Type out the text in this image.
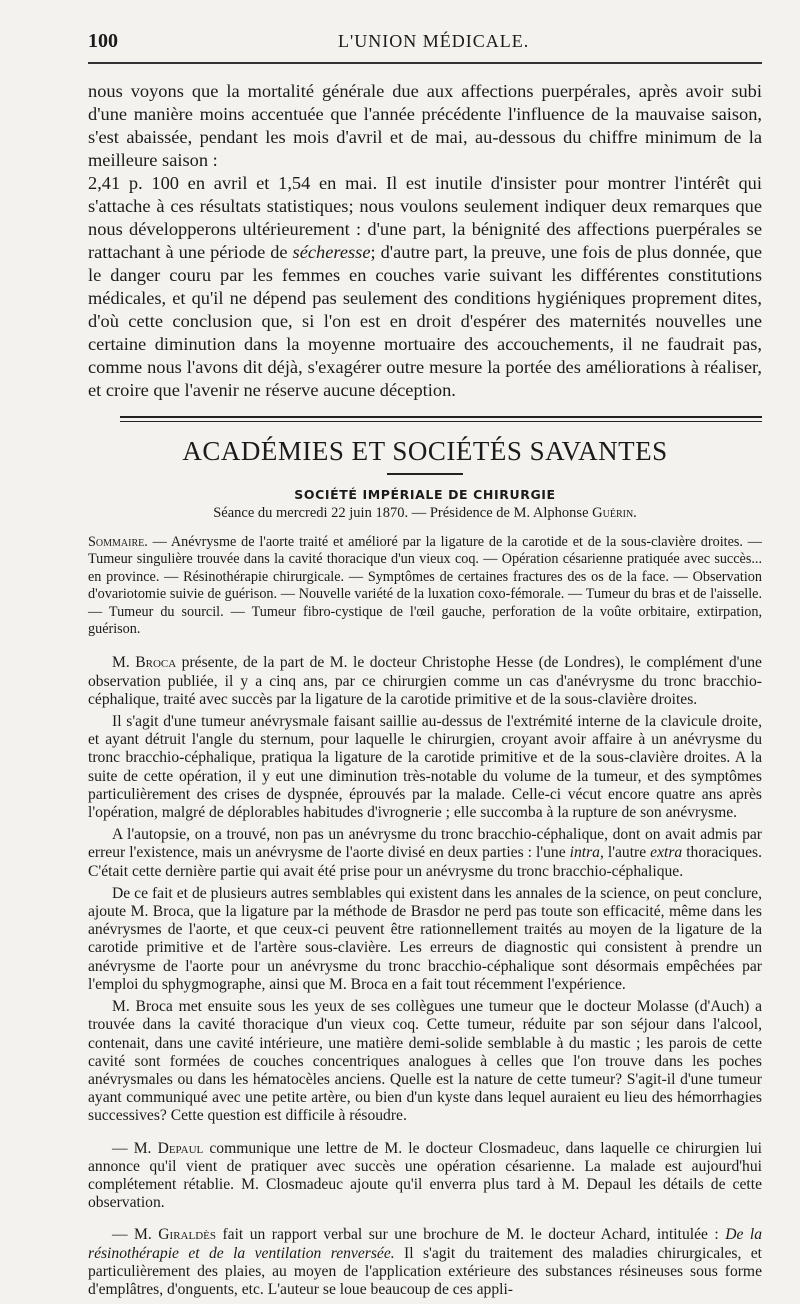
100	L'UNION MÉDICALE.

nous voyons que la mortalité générale due aux affections puerpérales, après avoir subi d'une manière moins accentuée que l'année précédente l'influence de la mauvaise saison, s'est abaissée, pendant les mois d'avril et de mai, au-dessous du chiffre minimum de la meilleure saison :

2,41 p. 100 en avril et 1,54 en mai. Il est inutile d'insister pour montrer l'intérêt qui s'attache à ces résultats statistiques; nous voulons seulement indiquer deux remarques que nous développerons ultérieurement : d'une part, la bénignité des affections puerpérales se rattachant à une période de sécheresse; d'autre part, la preuve, une fois de plus donnée, que le danger couru par les femmes en couches varie suivant les différentes constitutions médicales, et qu'il ne dépend pas seulement des conditions hygiéniques proprement dites, d'où cette conclusion que, si l'on est en droit d'espérer des maternités nouvelles une certaine diminution dans la moyenne mortuaire des accouchements, il ne faudrait pas, comme nous l'avons dit déjà, s'exagérer outre mesure la portée des améliorations à réaliser, et croire que l'avenir ne réserve aucune déception.

ACADÉMIES ET SOCIÉTÉS SAVANTES
SOCIÉTÉ IMPÉRIALE DE CHIRURGIE
Séance du mercredi 22 juin 1870. — Présidence de M. Alphonse Guérin.

Sommaire. — Anévrysme de l'aorte traité et amélioré par la ligature de la carotide et de la sous-clavière droites. — Tumeur singulière trouvée dans la cavité thoracique d'un vieux coq. — Opération césarienne pratiquée avec succès... en province. — Résinothérapie chirurgicale. — Symptômes de certaines fractures des os de la face. — Observation d'ovariotomie suivie de guérison. — Nouvelle variété de la luxation coxo-fémorale. — Tumeur du bras et de l'aisselle. — Tumeur du sourcil. — Tumeur fibro-cystique de l'œil gauche, perforation de la voûte orbitaire, extirpation, guérison.

M. Broca présente, de la part de M. le docteur Christophe Hesse (de Londres), le complément d'une observation publiée, il y a cinq ans, par ce chirurgien comme un cas d'anévrysme du tronc bracchio-céphalique, traité avec succès par la ligature de la carotide primitive et de la sous-clavière droites.

Il s'agit d'une tumeur anévrysmale faisant saillie au-dessus de l'extrémité interne de la clavicule droite, et ayant détruit l'angle du sternum, pour laquelle le chirurgien, croyant avoir affaire à un anévrysme du tronc bracchio-céphalique, pratiqua la ligature de la carotide primitive et de la sous-clavière droites. A la suite de cette opération, il y eut une diminution très-notable du volume de la tumeur, et des symptômes particulièrement des crises de dyspnée, éprouvés par la malade. Celle-ci vécut encore quatre ans après l'opération, malgré de déplorables habitudes d'ivrognerie ; elle succomba à la rupture de son anévrysme.

A l'autopsie, on a trouvé, non pas un anévrysme du tronc bracchio-céphalique, dont on avait admis par erreur l'existence, mais un anévrysme de l'aorte divisé en deux parties : l'une intra, l'autre extra thoraciques. C'était cette dernière partie qui avait été prise pour un anévrysme du tronc bracchio-céphalique.

De ce fait et de plusieurs autres semblables qui existent dans les annales de la science, on peut conclure, ajoute M. Broca, que la ligature par la méthode de Brasdor ne perd pas toute son efficacité, même dans les anévrysmes de l'aorte, et que ceux-ci peuvent être rationnellement traités au moyen de la ligature de la carotide primitive et de l'artère sous-clavière. Les erreurs de diagnostic qui consistent à prendre un anévrysme de l'aorte pour un anévrysme du tronc bracchio-céphalique sont désormais empêchées par l'emploi du sphygmographe, ainsi que M. Broca en a fait tout récemment l'expérience.

M. Broca met ensuite sous les yeux de ses collègues une tumeur que le docteur Molasse (d'Auch) a trouvée dans la cavité thoracique d'un vieux coq. Cette tumeur, réduite par son séjour dans l'alcool, contenait, dans une cavité intérieure, une matière demi-solide semblable à du mastic ; les parois de cette cavité sont formées de couches concentriques analogues à celles que l'on trouve dans les poches anévrysmales ou dans les hématocèles anciens. Quelle est la nature de cette tumeur? S'agit-il d'une tumeur ayant communiqué avec une petite artère, ou bien d'un kyste dans lequel auraient eu lieu des hémorrhagies successives? Cette question est difficile à résoudre.

— M. Depaul communique une lettre de M. le docteur Closmadeuc, dans laquelle ce chirurgien lui annonce qu'il vient de pratiquer avec succès une opération césarienne. La malade est aujourd'hui complétement rétablie. M. Closmadeuc ajoute qu'il enverra plus tard à M. Depaul les détails de cette observation.

— M. Giraldès fait un rapport verbal sur une brochure de M. le docteur Achard, intitulée : De la résinothérapie et de la ventilation renversée. Il s'agit du traitement des maladies chirurgicales, et particulièrement des plaies, au moyen de l'application extérieure des substances résineuses sous forme d'emplâtres, d'onguents, etc. L'auteur se loue beaucoup de ces appli-
